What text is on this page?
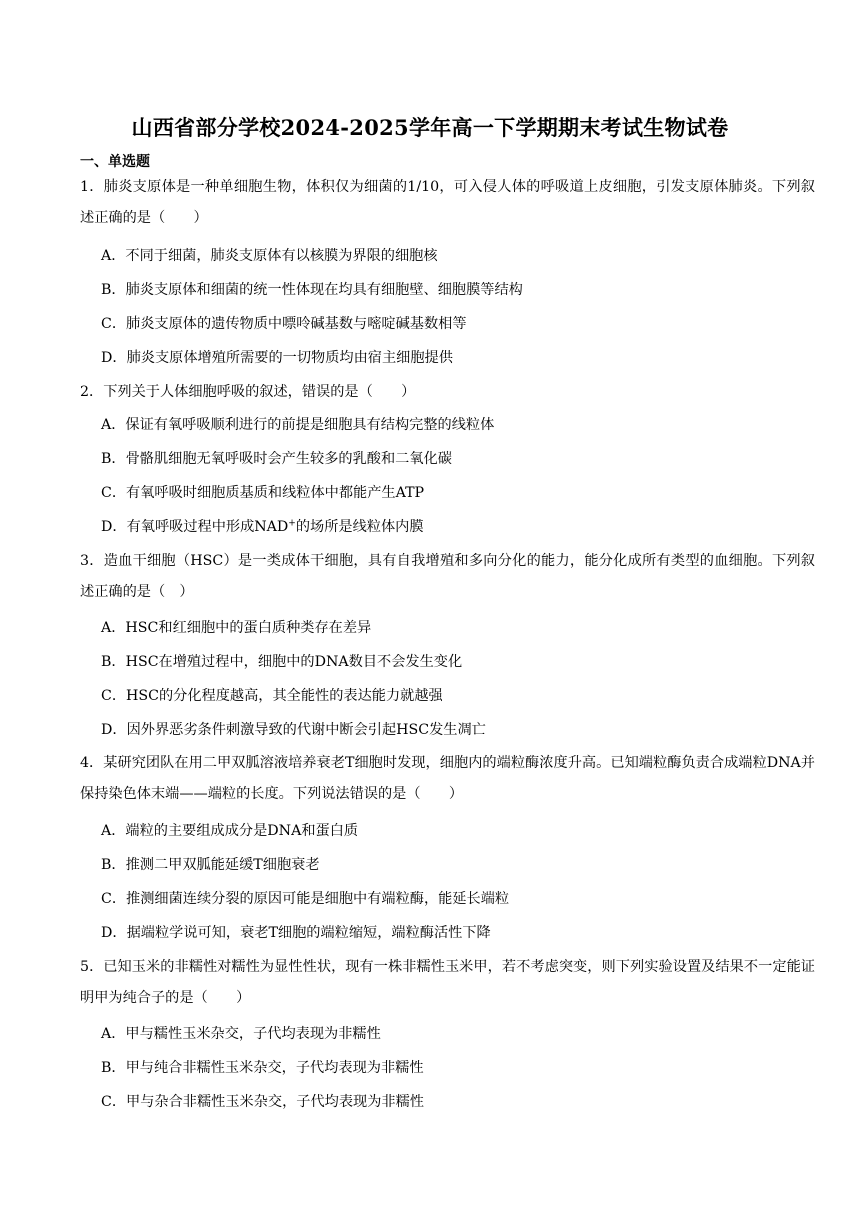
山西省部分学校2024-2025学年高一下学期期末考试生物试卷
一、单选题
1．肺炎支原体是一种单细胞生物，体积仅为细菌的1/10，可入侵人体的呼吸道上皮细胞，引发支原体肺炎。下列叙述正确的是（　　）
A．不同于细菌，肺炎支原体有以核膜为界限的细胞核
B．肺炎支原体和细菌的统一性体现在均具有细胞壁、细胞膜等结构
C．肺炎支原体的遗传物质中嘌呤碱基数与嘧啶碱基数相等
D．肺炎支原体增殖所需要的一切物质均由宿主细胞提供
2．下列关于人体细胞呼吸的叙述，错误的是（　　）
A．保证有氧呼吸顺利进行的前提是细胞具有结构完整的线粒体
B．骨骼肌细胞无氧呼吸时会产生较多的乳酸和二氧化碳
C．有氧呼吸时细胞质基质和线粒体中都能产生ATP
D．有氧呼吸过程中形成NAD+的场所是线粒体内膜
3．造血干细胞（HSC）是一类成体干细胞，具有自我增殖和多向分化的能力，能分化成所有类型的血细胞。下列叙述正确的是（　）
A．HSC和红细胞中的蛋白质种类存在差异
B．HSC在增殖过程中，细胞中的DNA数目不会发生变化
C．HSC的分化程度越高，其全能性的表达能力就越强
D．因外界恶劣条件刺激导致的代谢中断会引起HSC发生凋亡
4．某研究团队在用二甲双胍溶液培养衰老T细胞时发现，细胞内的端粒酶浓度升高。已知端粒酶负责合成端粒DNA并保持染色体末端——端粒的长度。下列说法错误的是（　　）
A．端粒的主要组成成分是DNA和蛋白质
B．推测二甲双胍能延缓T细胞衰老
C．推测细菌连续分裂的原因可能是细胞中有端粒酶，能延长端粒
D．据端粒学说可知，衰老T细胞的端粒缩短，端粒酶活性下降
5．已知玉米的非糯性对糯性为显性性状，现有一株非糯性玉米甲，若不考虑突变，则下列实验设置及结果不一定能证明甲为纯合子的是（　　）
A．甲与糯性玉米杂交，子代均表现为非糯性
B．甲与纯合非糯性玉米杂交，子代均表现为非糯性
C．甲与杂合非糯性玉米杂交，子代均表现为非糯性
